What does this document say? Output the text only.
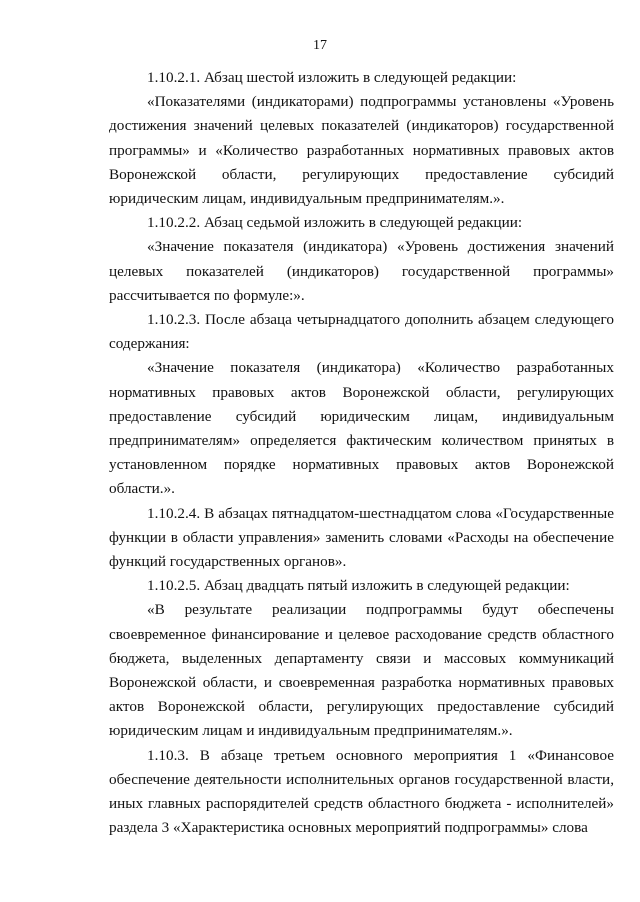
17

1.10.2.1. Абзац шестой изложить в следующей редакции:

«Показателями (индикаторами) подпрограммы установлены «Уровень достижения значений целевых показателей (индикаторов) государственной программы» и «Количество разработанных нормативных правовых актов Воронежской области, регулирующих предоставление субсидий юридическим лицам, индивидуальным предпринимателям.».

1.10.2.2. Абзац седьмой изложить в следующей редакции:

«Значение показателя (индикатора) «Уровень достижения значений целевых показателей (индикаторов) государственной программы» рассчитывается по формуле:».

1.10.2.3. После абзаца четырнадцатого дополнить абзацем следующего содержания:

«Значение показателя (индикатора) «Количество разработанных нормативных правовых актов Воронежской области, регулирующих предоставление субсидий юридическим лицам, индивидуальным предпринимателям» определяется фактическим количеством принятых в установленном порядке нормативных правовых актов Воронежской области.».

1.10.2.4. В абзацах пятнадцатом-шестнадцатом слова «Государственные функции в области управления» заменить словами «Расходы на обеспечение функций государственных органов».

1.10.2.5. Абзац двадцать пятый изложить в следующей редакции:

«В результате реализации подпрограммы будут обеспечены своевременное финансирование и целевое расходование средств областного бюджета, выделенных департаменту связи и массовых коммуникаций Воронежской области, и своевременная разработка нормативных правовых актов Воронежской области, регулирующих предоставление субсидий юридическим лицам и индивидуальным предпринимателям.».

1.10.3. В абзаце третьем основного мероприятия 1 «Финансовое обеспечение деятельности исполнительных органов государственной власти, иных главных распорядителей средств областного бюджета - исполнителей» раздела 3 «Характеристика основных мероприятий подпрограммы» слова
